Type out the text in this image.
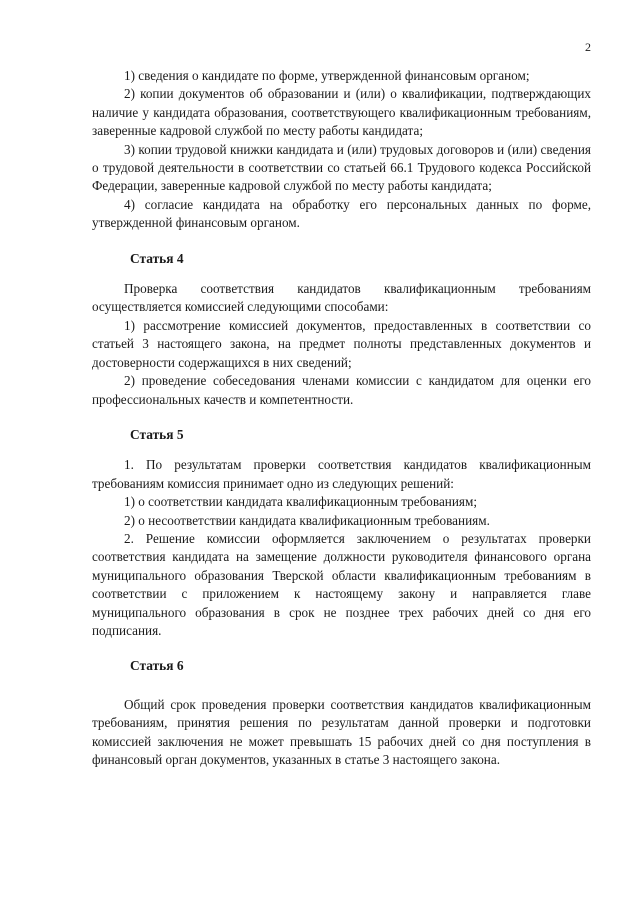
2

1) сведения о кандидате по форме, утвержденной финансовым органом;

2) копии документов об образовании и (или) о квалификации, подтверждающих наличие у кандидата образования, соответствующего квалификационным требованиям, заверенные кадровой службой по месту работы кандидата;

3) копии трудовой книжки кандидата и (или) трудовых договоров и (или) сведения о трудовой деятельности в соответствии со статьей 66.1 Трудового кодекса Российской Федерации, заверенные кадровой службой по месту работы кандидата;

4) согласие кандидата на обработку его персональных данных по форме, утвержденной финансовым органом.

Статья 4

Проверка соответствия кандидатов квалификационным требованиям осуществляется комиссией следующими способами:

1) рассмотрение комиссией документов, предоставленных в соответствии со статьей 3 настоящего закона, на предмет полноты представленных документов и достоверности содержащихся в них сведений;

2) проведение собеседования членами комиссии с кандидатом для оценки его профессиональных качеств и компетентности.

Статья 5

1. По результатам проверки соответствия кандидатов квалификационным требованиям комиссия принимает одно из следующих решений:

1) о соответствии кандидата квалификационным требованиям;

2) о несоответствии кандидата квалификационным требованиям.

2. Решение комиссии оформляется заключением о результатах проверки соответствия кандидата на замещение должности руководителя финансового органа муниципального образования Тверской области квалификационным требованиям в соответствии с приложением к настоящему закону и направляется главе муниципального образования в срок не позднее трех рабочих дней со дня его подписания.

Статья 6

Общий срок проведения проверки соответствия кандидатов квалификационным требованиям, принятия решения по результатам данной проверки и подготовки комиссией заключения не может превышать 15 рабочих дней со дня поступления в финансовый орган документов, указанных в статье 3 настоящего закона.
